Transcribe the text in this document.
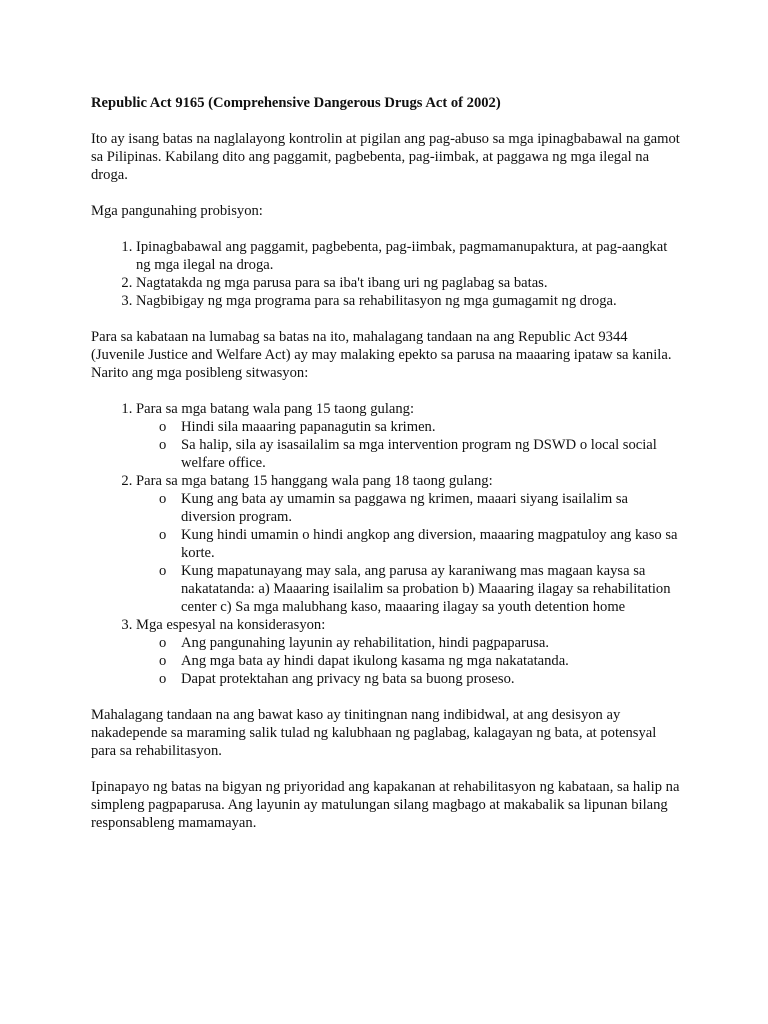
Republic Act 9165 (Comprehensive Dangerous Drugs Act of 2002)

Ito ay isang batas na naglalayong kontrolin at pigilan ang pag-abuso sa mga ipinagbabawal na gamot sa Pilipinas. Kabilang dito ang paggamit, pagbebenta, pag-iimbak, at paggawa ng mga ilegal na droga.

Mga pangunahing probisyon:

1. Ipinagbabawal ang paggamit, pagbebenta, pag-iimbak, pagmamanupaktura, at pag-aangkat ng mga ilegal na droga.
2. Nagtatakda ng mga parusa para sa iba't ibang uri ng paglabag sa batas.
3. Nagbibigay ng mga programa para sa rehabilitasyon ng mga gumagamit ng droga.

Para sa kabataan na lumabag sa batas na ito, mahalagang tandaan na ang Republic Act 9344 (Juvenile Justice and Welfare Act) ay may malaking epekto sa parusa na maaaring ipataw sa kanila. Narito ang mga posibleng sitwasyon:

1. Para sa mga batang wala pang 15 taong gulang:
o Hindi sila maaaring papanagutin sa krimen.
o Sa halip, sila ay isasailalim sa mga intervention program ng DSWD o local social welfare office.
2. Para sa mga batang 15 hanggang wala pang 18 taong gulang:
o Kung ang bata ay umamin sa paggawa ng krimen, maaari siyang isailalim sa diversion program.
o Kung hindi umamin o hindi angkop ang diversion, maaaring magpatuloy ang kaso sa korte.
o Kung mapatunayang may sala, ang parusa ay karaniwang mas magaan kaysa sa nakatatanda: a) Maaaring isailalim sa probation b) Maaaring ilagay sa rehabilitation center c) Sa mga malubhang kaso, maaaring ilagay sa youth detention home
3. Mga espesyal na konsiderasyon:
o Ang pangunahing layunin ay rehabilitation, hindi pagpaparusa.
o Ang mga bata ay hindi dapat ikulong kasama ng mga nakatatanda.
o Dapat protektahan ang privacy ng bata sa buong proseso.

Mahalagang tandaan na ang bawat kaso ay tinitingnan nang indibidwal, at ang desisyon ay nakadepende sa maraming salik tulad ng kalubhaan ng paglabag, kalagayan ng bata, at potensyal para sa rehabilitasyon.

Ipinapayo ng batas na bigyan ng priyoridad ang kapakanan at rehabilitasyon ng kabataan, sa halip na simpleng pagpaparusa. Ang layunin ay matulungan silang magbago at makabalik sa lipunan bilang responsableng mamamayan.
